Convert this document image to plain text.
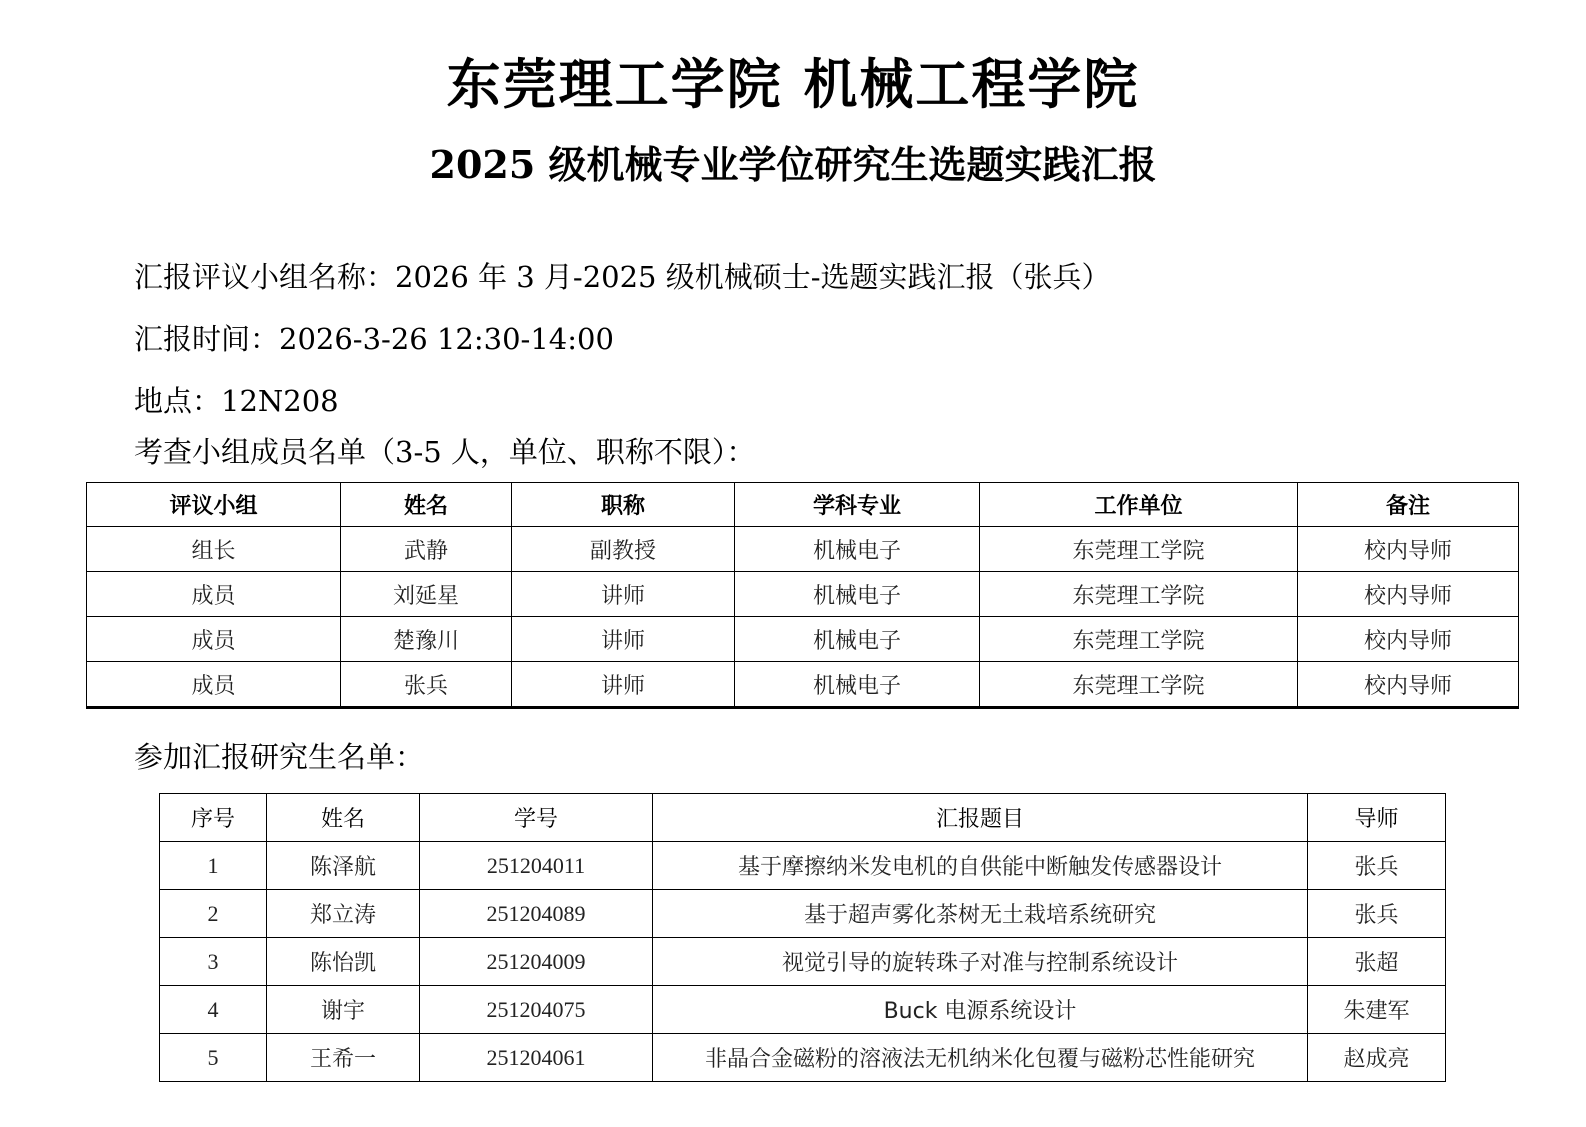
东莞理工学院 机械工程学院
2025 级机械专业学位研究生选题实践汇报
汇报评议小组名称：2026 年 3 月-2025 级机械硕士-选题实践汇报（张兵）
汇报时间：2026-3-26 12:30-14:00
地点：12N208
考查小组成员名单（3-5 人，单位、职称不限）：
评议小组	姓名	职称	学科专业	工作单位	备注
组长	武静	副教授	机械电子	东莞理工学院	校内导师
成员	刘延星	讲师	机械电子	东莞理工学院	校内导师
成员	楚豫川	讲师	机械电子	东莞理工学院	校内导师
成员	张兵	讲师	机械电子	东莞理工学院	校内导师
参加汇报研究生名单：
序号	姓名	学号	汇报题目	导师
1	陈泽航	251204011	基于摩擦纳米发电机的自供能中断触发传感器设计	张兵
2	郑立涛	251204089	基于超声雾化茶树无土栽培系统研究	张兵
3	陈怡凯	251204009	视觉引导的旋转珠子对准与控制系统设计	张超
4	谢宇	251204075	Buck 电源系统设计	朱建军
5	王希一	251204061	非晶合金磁粉的溶液法无机纳米化包覆与磁粉芯性能研究	赵成亮
